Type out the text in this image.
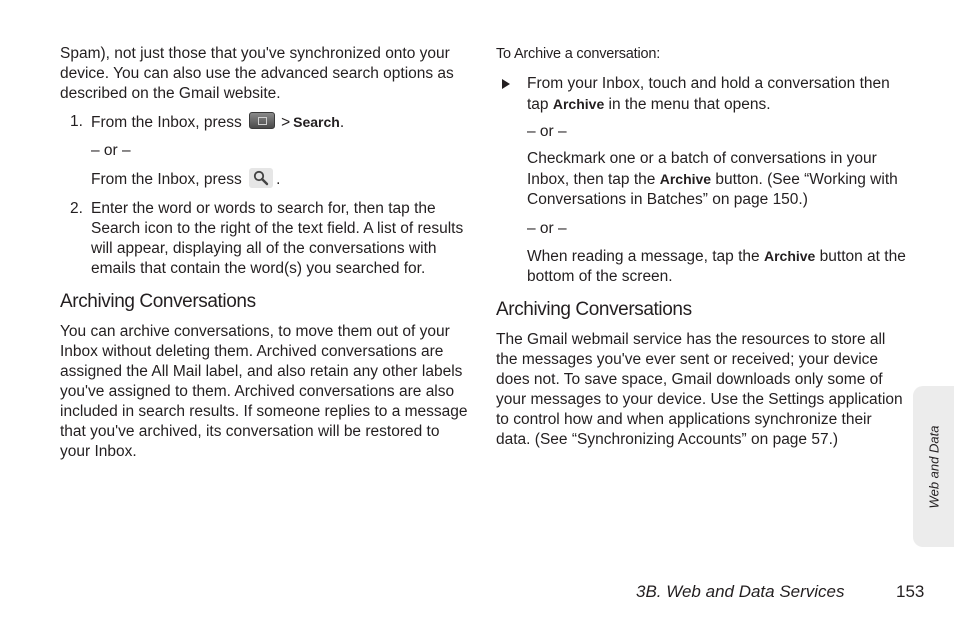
Spam), not just those that you've synchronized onto your device. You can also use the advanced search options as described on the Gmail website.

1. From the Inbox, press	> Search.

– or –

From the Inbox, press .

2. Enter the word or words to search for, then tap the Search icon to the right of the text field. A list of results will appear, displaying all of the conversations with emails that contain the word(s) you searched for.
Archiving Conversations

You can archive conversations, to move them out of your Inbox without deleting them. Archived conversations are assigned the All Mail label, and also retain any other labels you've assigned to them. Archived conversations are also included in search results. If someone replies to a message that you've archived, its conversation will be restored to your Inbox.

To Archive a conversation:

From your Inbox, touch and hold a conversation then tap Archive in the menu that opens.

– or –

Checkmark one or a batch of conversations in your Inbox, then tap the Archive button. (See “Working with Conversations in Batches” on page 150.)

– or –

When reading a message, tap the Archive button at the bottom of the screen.

Archiving Conversations

The Gmail webmail service has the resources to store all the messages you've ever sent or received; your device does not. To save space, Gmail downloads only some of your messages to your device. Use the Settings application to control how and when applications synchronize their data. (See “Synchronizing Accounts” on page 57.)	Web and Data
3B. Web and Data Services	153
